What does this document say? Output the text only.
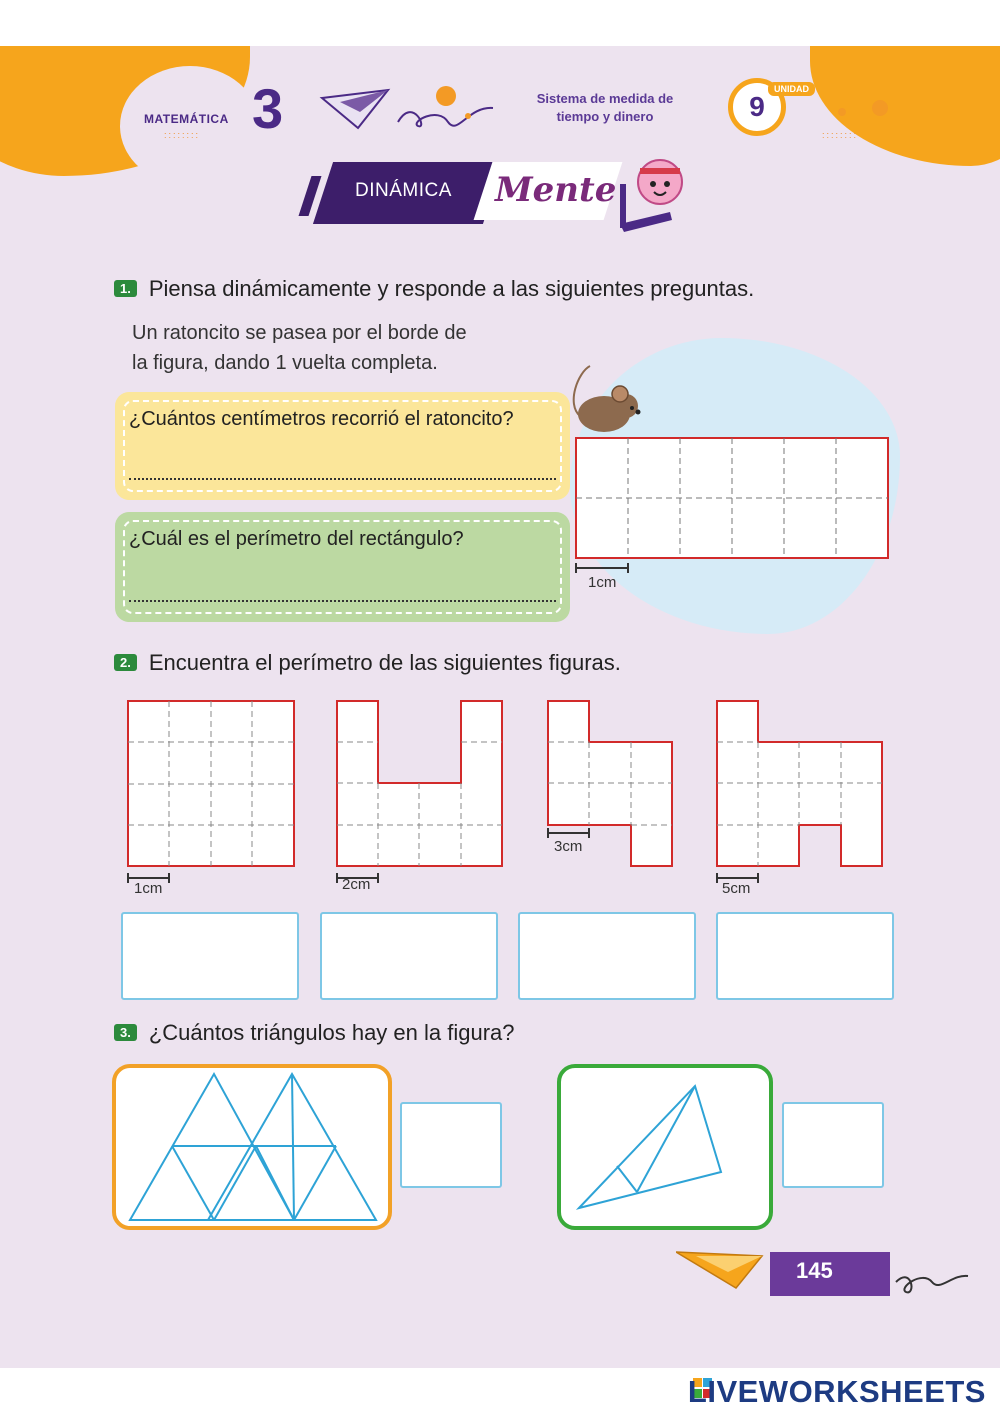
MATEMÁTICA
:::::::: 3	Sistema de medida de
tiempo y dinero	9
UNIDAD
::::::::
DINÁMICA Mente
1. Piensa dinámicamente y responde a las siguientes preguntas.
Un ratoncito se pasea por el borde de
la figura, dando 1 vuelta completa.
¿Cuántos centímetros recorrió el ratoncito?
¿Cuál es el perímetro del rectángulo?
1cm
2. Encuentra el perímetro de las siguientes figuras.
1cm	2cm
3cm
5cm
3. ¿Cuántos triángulos hay en la figura?
145
LIVEWORKSHEETS
